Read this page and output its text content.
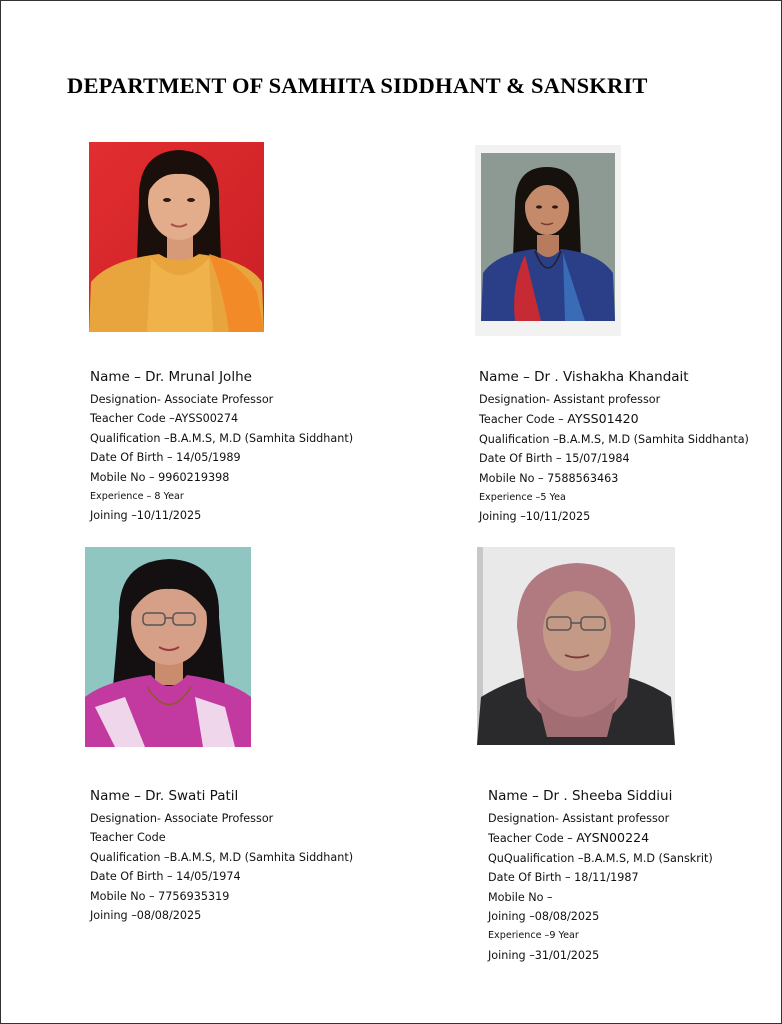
DEPARTMENT OF SAMHITA SIDDHANT & SANSKRIT
Name – Dr. Mrunal Jolhe
Designation- Associate Professor
Teacher Code –AYSS00274
Qualification –B.A.M.S, M.D (Samhita Siddhant)
Date Of Birth – 14/05/1989
Mobile No – 9960219398
Experience – 8 Year
Joining –10/11/2025
Name – Dr . Vishakha Khandait
Designation- Assistant professor
Teacher Code – AYSS01420
Qualification –B.A.M.S, M.D (Samhita Siddhanta)
Date Of Birth – 15/07/1984
Mobile No – 7588563463
Experience –5 Yea
Joining –10/11/2025
Name – Dr. Swati Patil
Designation- Associate Professor
Teacher Code
Qualification –B.A.M.S, M.D (Samhita Siddhant)
Date Of Birth – 14/05/1974
Mobile No – 7756935319
Joining –08/08/2025
Name – Dr . Sheeba Siddiui
Designation- Assistant professor
Teacher Code – AYSN00224
QuQualification –B.A.M.S, M.D (Sanskrit)
Date Of Birth – 18/11/1987
Mobile No –
Joining –08/08/2025
Experience –9 Year
Joining –31/01/2025
